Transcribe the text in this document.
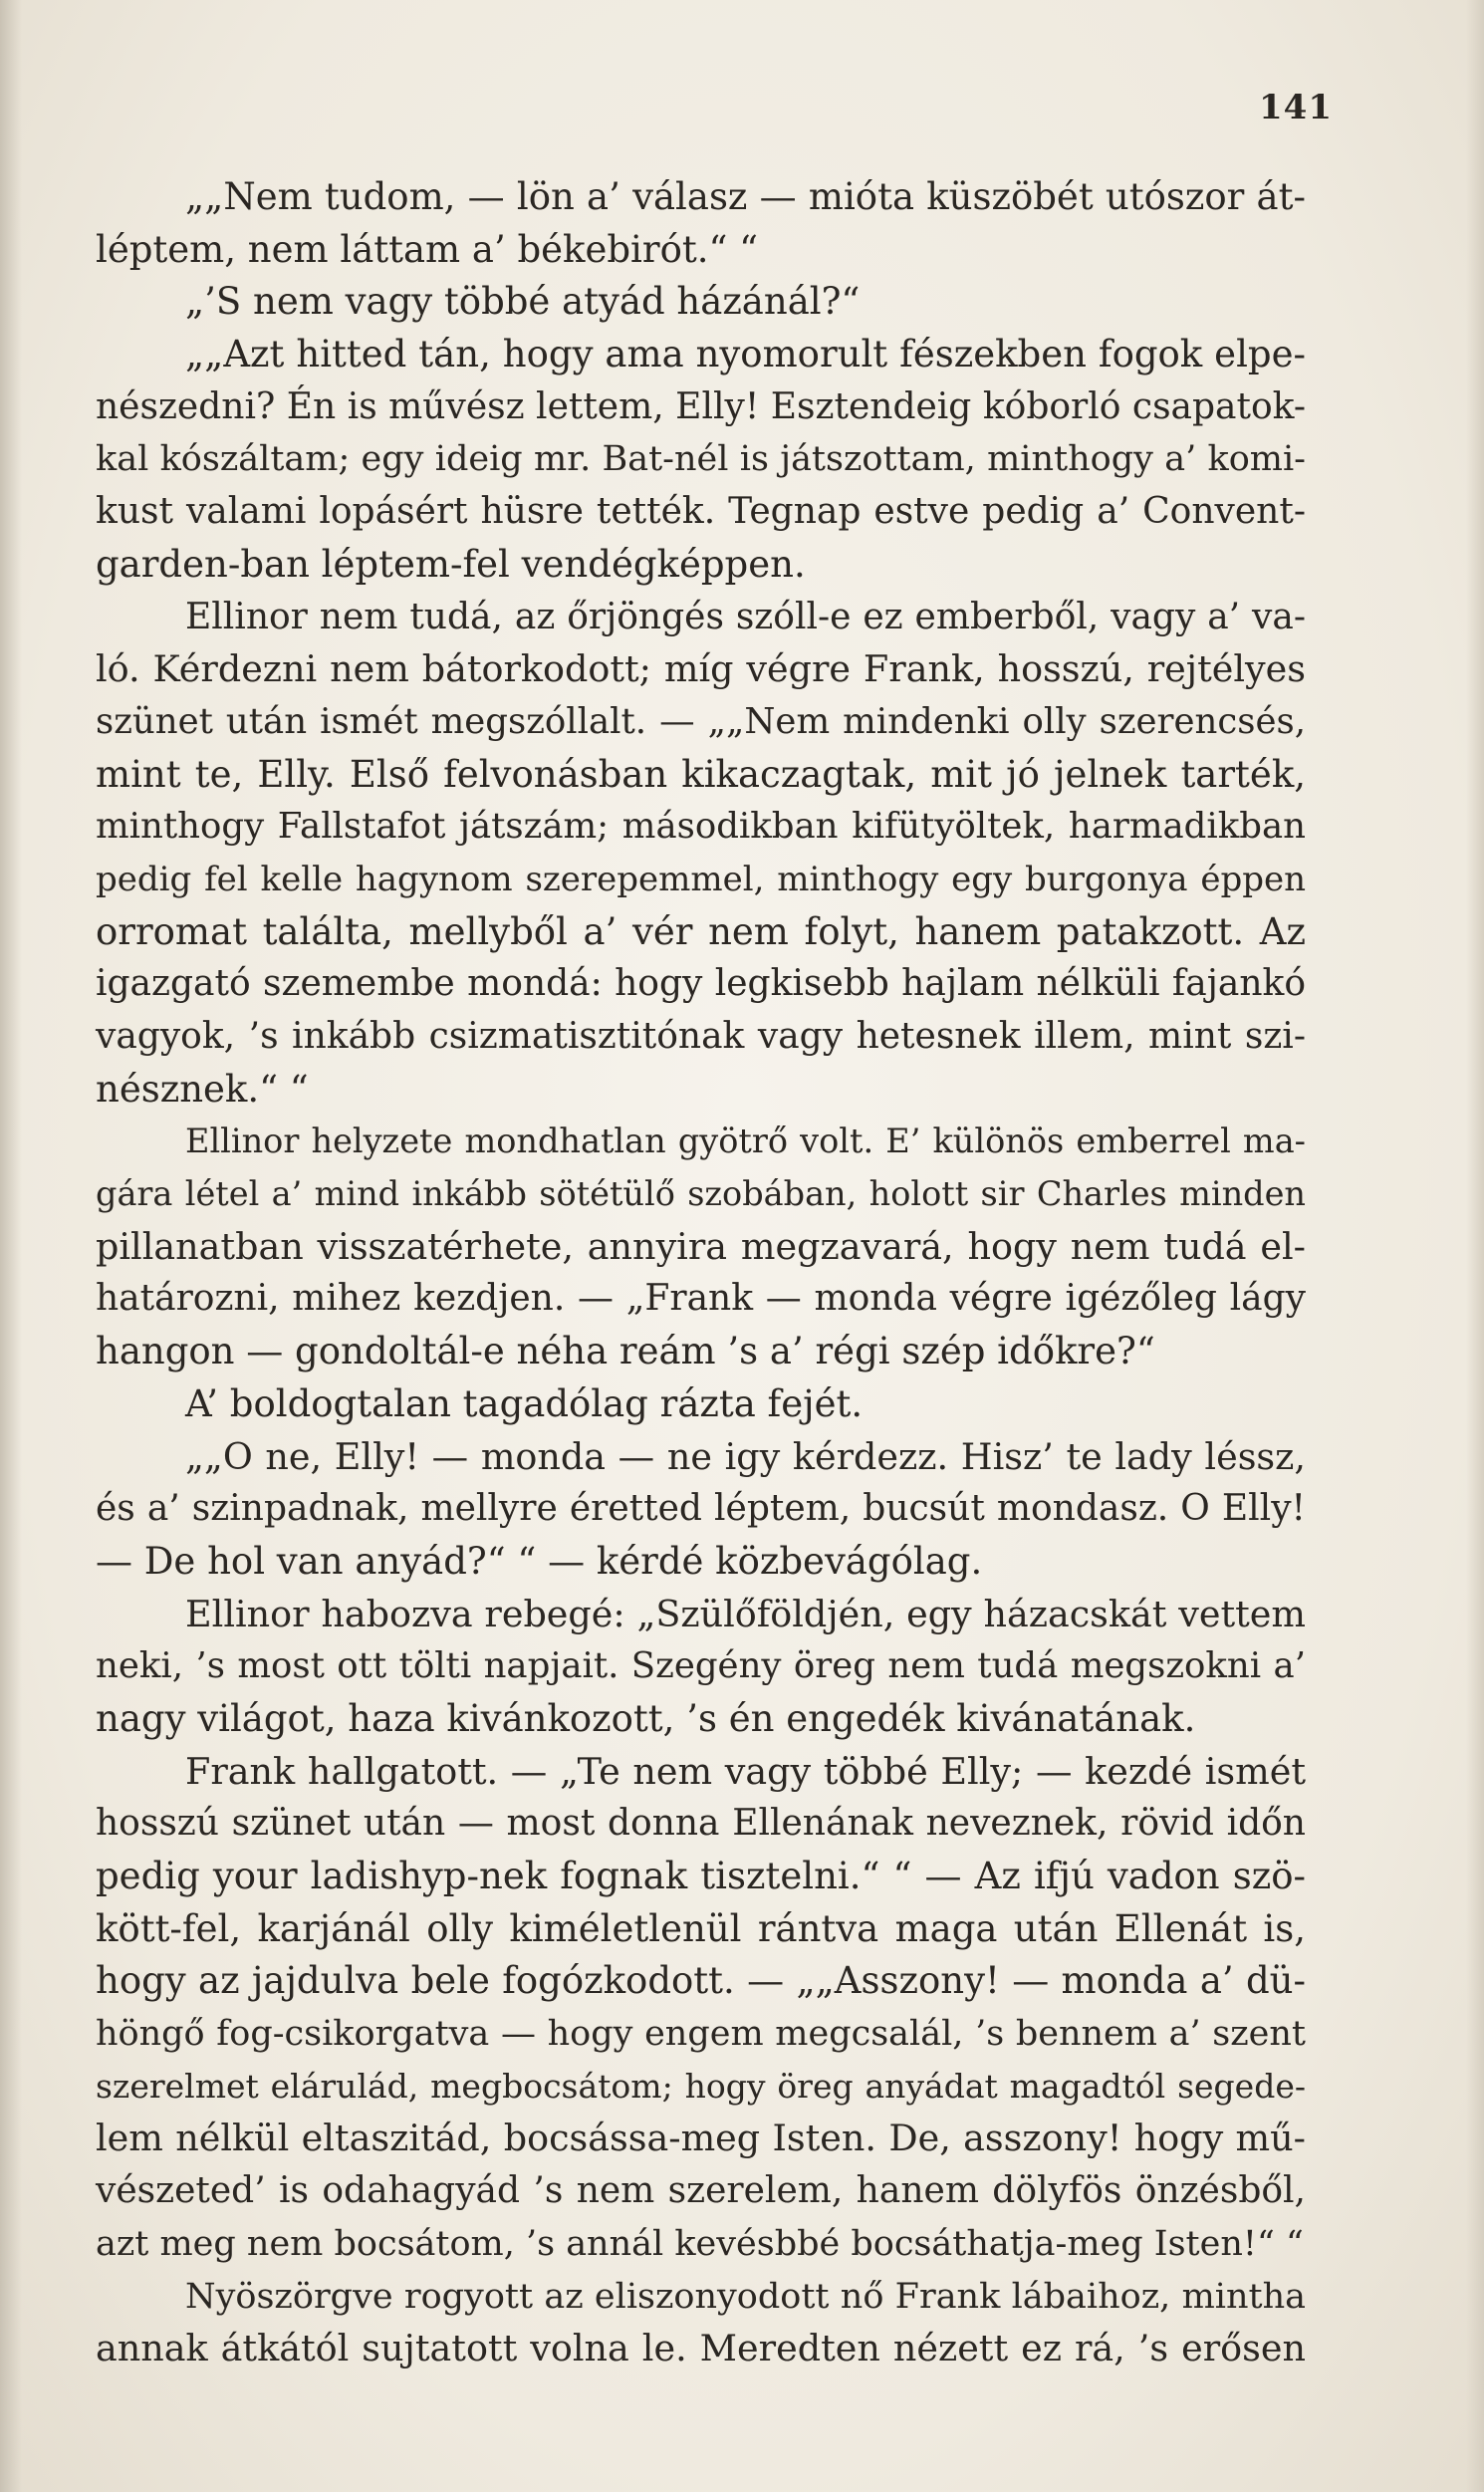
141
„„Nem tudom, — lön a’ válasz — mióta küszöbét utószor át-
léptem, nem láttam a’ békebirót.“ “
„’S nem vagy többé atyád házánál?“
„„Azt hitted tán, hogy ama nyomorult fészekben fogok elpe-
nészedni? Én is művész lettem, Elly! Esztendeig kóborló csapatok-
kal kószáltam; egy ideig mr. Bat-nél is játszottam, minthogy a’ komi-
kust valami lopásért hüsre tették. Tegnap estve pedig a’ Convent-
garden-ban léptem-fel vendégképpen.
Ellinor nem tudá, az őrjöngés szóll-e ez emberből, vagy a’ va-
ló. Kérdezni nem bátorkodott; míg végre Frank, hosszú, rejtélyes
szünet után ismét megszóllalt. — „„Nem mindenki olly szerencsés,
mint te, Elly. Első felvonásban kikaczagtak, mit jó jelnek tarték,
minthogy Fallstafot játszám; másodikban kifütyöltek, harmadikban
pedig fel kelle hagynom szerepemmel, minthogy egy burgonya éppen
orromat találta, mellyből a’ vér nem folyt, hanem patakzott. Az
igazgató szemembe mondá: hogy legkisebb hajlam nélküli fajankó
vagyok, ’s inkább csizmatisztitónak vagy hetesnek illem, mint szi-
nésznek.“ “
Ellinor helyzete mondhatlan gyötrő volt. E’ különös emberrel ma-
gára létel a’ mind inkább sötétülő szobában, holott sir Charles minden
pillanatban visszatérhete, annyira megzavará, hogy nem tudá el-
határozni, mihez kezdjen. — „Frank — monda végre igézőleg lágy
hangon — gondoltál-e néha reám ’s a’ régi szép időkre?“
A’ boldogtalan tagadólag rázta fejét.
„„O ne, Elly! — monda — ne igy kérdezz. Hisz’ te lady léssz,
és a’ szinpadnak, mellyre éretted léptem, bucsút mondasz. O Elly!
— De hol van anyád?“ “ — kérdé közbevágólag.
Ellinor habozva rebegé: „Szülőföldjén, egy házacskát vettem
neki, ’s most ott tölti napjait. Szegény öreg nem tudá megszokni a’
nagy világot, haza kivánkozott, ’s én engedék kivánatának.
Frank hallgatott. — „Te nem vagy többé Elly; — kezdé ismét
hosszú szünet után — most donna Ellenának neveznek, rövid időn
pedig your ladishyp-nek fognak tisztelni.“ “ — Az ifjú vadon szö-
kött-fel, karjánál olly kiméletlenül rántva maga után Ellenát is,
hogy az jajdulva bele fogózkodott. — „„Asszony! — monda a’ dü-
höngő fog-csikorgatva — hogy engem megcsalál, ’s bennem a’ szent
szerelmet elárulád, megbocsátom; hogy öreg anyádat magadtól segede-
lem nélkül eltaszitád, bocsássa-meg Isten. De, asszony! hogy mű-
vészeted’ is odahagyád ’s nem szerelem, hanem dölyfös önzésből,
azt meg nem bocsátom, ’s annál kevésbbé bocsáthatja-meg Isten!“ “
Nyöszörgve rogyott az eliszonyodott nő Frank lábaihoz, mintha
annak átkától sujtatott volna le. Meredten nézett ez rá, ’s erősen
